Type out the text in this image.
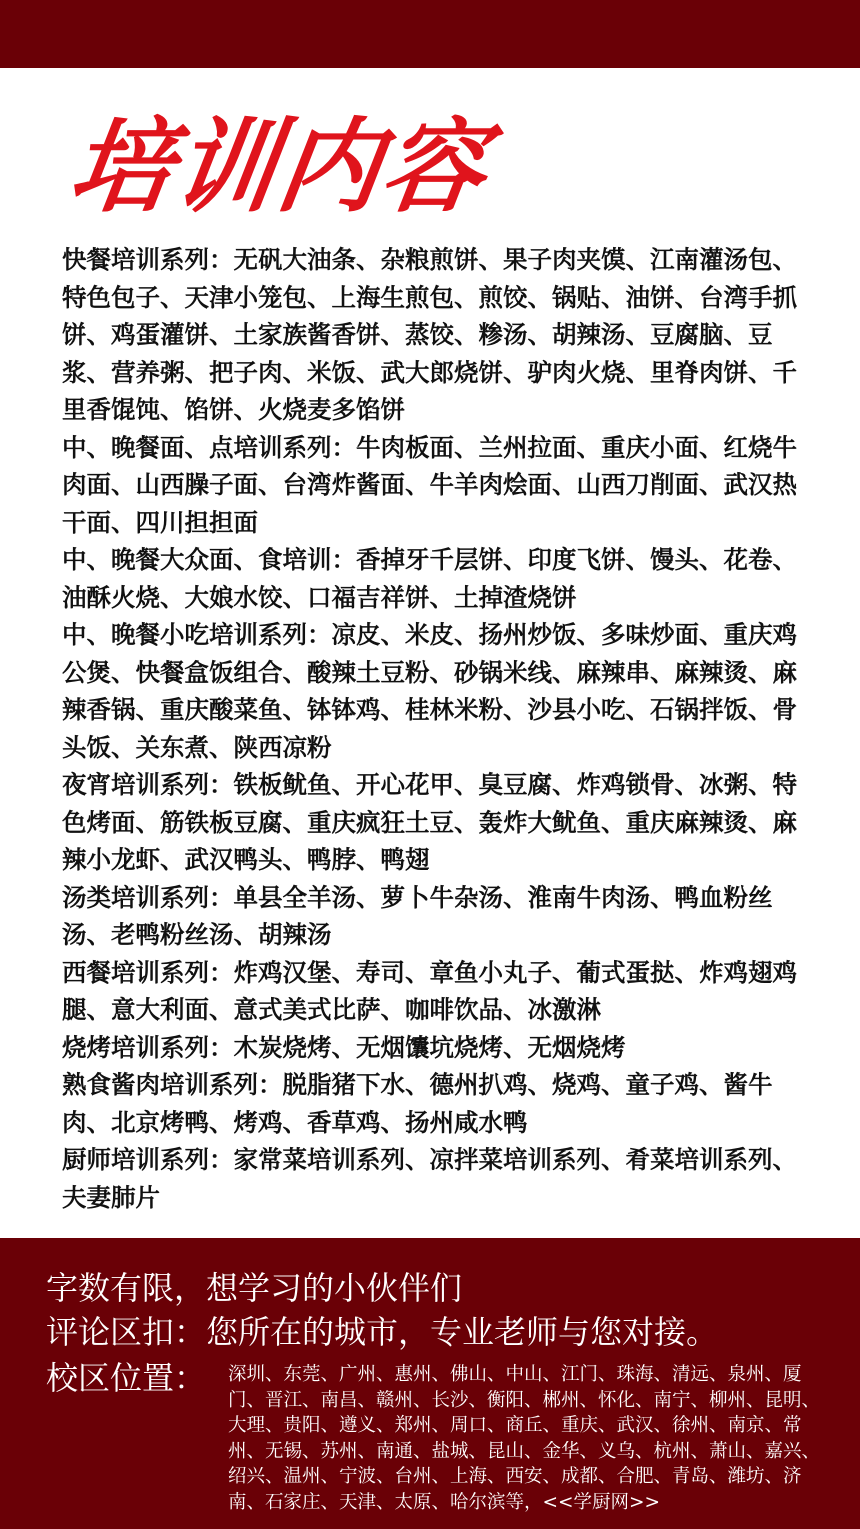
培训内容

快餐培训系列：无矾大油条、杂粮煎饼、果子肉夹馍、江南灌汤包、特色包子、天津小笼包、上海生煎包、煎饺、锅贴、油饼、台湾手抓饼、鸡蛋灌饼、土家族酱香饼、蒸饺、糁汤、胡辣汤、豆腐脑、豆浆、营养粥、把子肉、米饭、武大郎烧饼、驴肉火烧、里脊肉饼、千里香馄饨、馅饼、火烧麦多馅饼

中、晚餐面、点培训系列：牛肉板面、兰州拉面、重庆小面、红烧牛肉面、山西臊子面、台湾炸酱面、牛羊肉烩面、山西刀削面、武汉热干面、四川担担面

中、晚餐大众面、食培训：香掉牙千层饼、印度飞饼、馒头、花卷、油酥火烧、大娘水饺、口福吉祥饼、土掉渣烧饼

中、晚餐小吃培训系列：凉皮、米皮、扬州炒饭、多味炒面、重庆鸡公煲、快餐盒饭组合、酸辣土豆粉、砂锅米线、麻辣串、麻辣烫、麻辣香锅、重庆酸菜鱼、钵钵鸡、桂林米粉、沙县小吃、石锅拌饭、骨头饭、关东煮、陕西凉粉

夜宵培训系列：铁板鱿鱼、开心花甲、臭豆腐、炸鸡锁骨、冰粥、特色烤面、筋铁板豆腐、重庆疯狂土豆、轰炸大鱿鱼、重庆麻辣烫、麻辣小龙虾、武汉鸭头、鸭脖、鸭翅

汤类培训系列：单县全羊汤、萝卜牛杂汤、淮南牛肉汤、鸭血粉丝汤、老鸭粉丝汤、胡辣汤

西餐培训系列：炸鸡汉堡、寿司、章鱼小丸子、葡式蛋挞、炸鸡翅鸡腿、意大利面、意式美式比萨、咖啡饮品、冰激淋

烧烤培训系列：木炭烧烤、无烟馕坑烧烤、无烟烧烤

熟食酱肉培训系列：脱脂猪下水、德州扒鸡、烧鸡、童子鸡、酱牛肉、北京烤鸭、烤鸡、香草鸡、扬州咸水鸭

厨师培训系列：家常菜培训系列、凉拌菜培训系列、肴菜培训系列、夫妻肺片

字数有限，想学习的小伙伴们
评论区扣：您所在的城市，专业老师与您对接。
校区位置： 深圳、东莞、广州、惠州、佛山、中山、江门、珠海、清远、泉州、厦门、晋江、南昌、赣州、长沙、衡阳、郴州、怀化、南宁、柳州、昆明、大理、贵阳、遵义、郑州、周口、商丘、重庆、武汉、徐州、南京、常州、无锡、苏州、南通、盐城、昆山、金华、义乌、杭州、萧山、嘉兴、绍兴、温州、宁波、台州、上海、西安、成都、合肥、青岛、潍坊、济南、石家庄、天津、太原、哈尔滨等，<<学厨网>>
